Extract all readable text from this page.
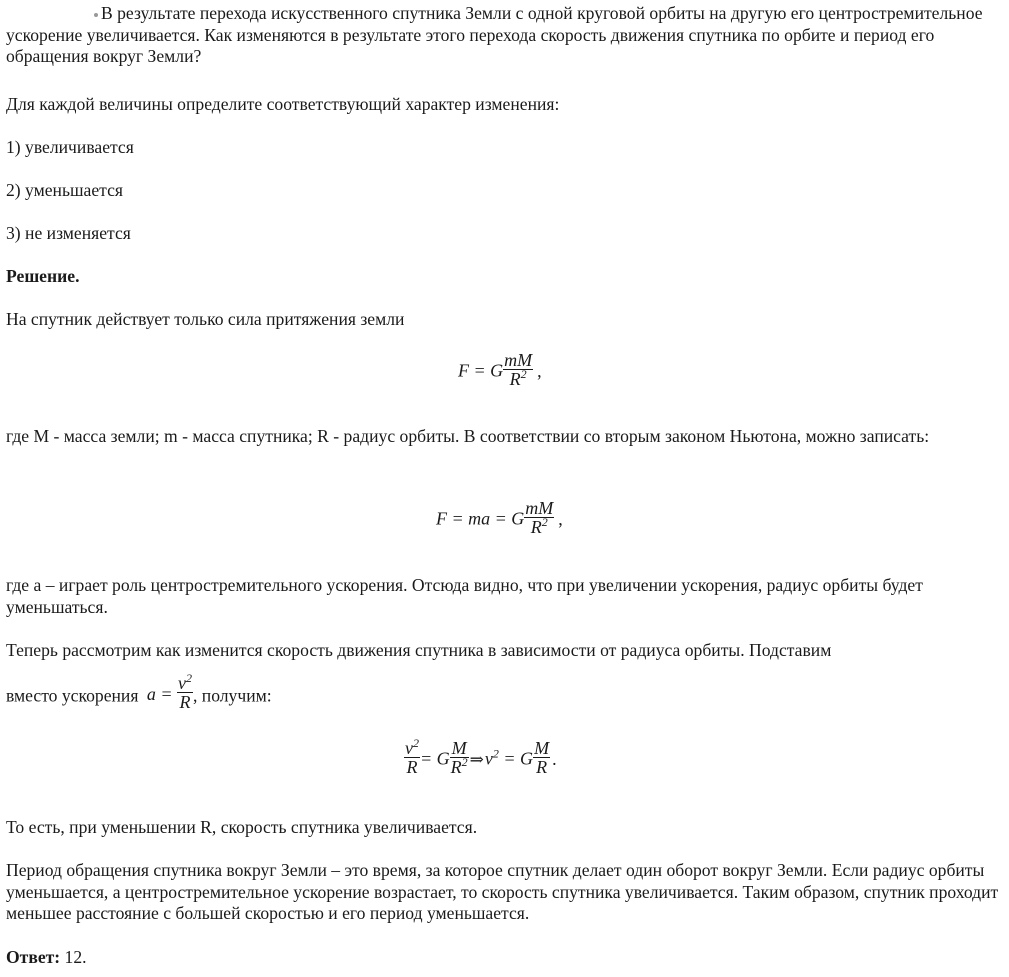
В результате перехода искусственного спутника Земли с одной круговой орбиты на другую его центростремительное ускорение увеличивается. Как изменяются в результате этого перехода скорость движения спутника по орбите и период его обращения вокруг Земли?

Для каждой величины определите соответствующий характер изменения:

1) увеличивается

2) уменьшается

3) не изменяется

Решение.

На спутник действует только сила притяжения земли

F = G $\frac{mM}{R^2}$ ,

где M - масса земли; m - масса спутника; R - радиус орбиты. В соответствии со вторым законом Ньютона, можно записать:

F = ma = G $\frac{mM}{R^2}$ ,

где a – играет роль центростремительного ускорения. Отсюда видно, что при увеличении ускорения, радиус орбиты будет уменьшаться.

Теперь рассмотрим как изменится скорость движения спутника в зависимости от радиуса орбиты. Подставим

вместо ускорения $a = \frac{v^2}{R}$ , получим:

$\frac{v^2}{R} = G \frac{M}{R^2}$ $\Rightarrow v^2 = G \frac{M}{R}$ .

То есть, при уменьшении R, скорость спутника увеличивается.

Период обращения спутника вокруг Земли – это время, за которое спутник делает один оборот вокруг Земли. Если радиус орбиты уменьшается, а центростремительное ускорение возрастает, то скорость спутника увеличивается. Таким образом, спутник проходит меньшее расстояние с большей скоростью и его период уменьшается.

Ответ: 12.
